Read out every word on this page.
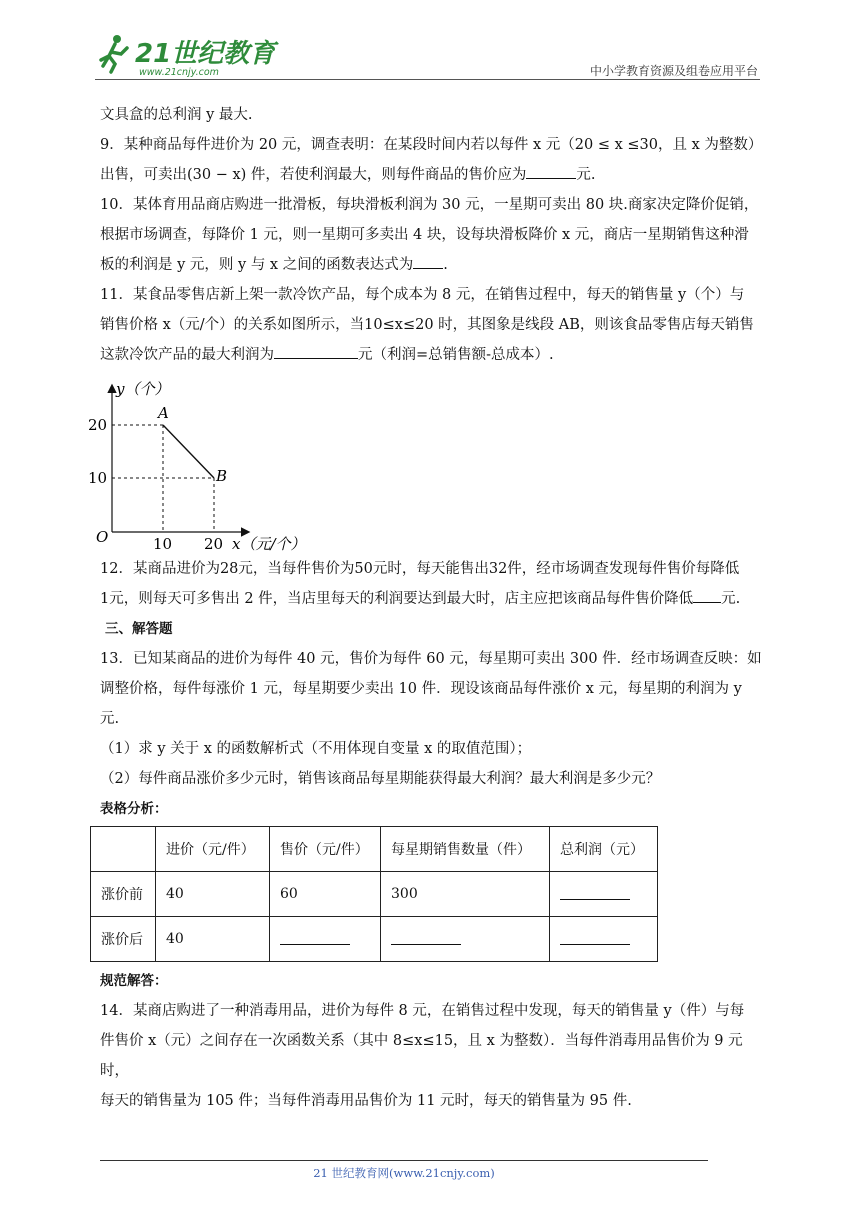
21世纪教育
www.21cnjy.com	中小学教育资源及组卷应用平台

文具盒的总利润 y 最大.

9．某种商品每件进价为 20 元，调查表明：在某段时间内若以每件 x 元（20 ≤ x ≤30，且 x 为整数）

出售，可卖出(30 − x) 件，若使利润最大，则每件商品的售价应为	元.

10．某体育用品商店购进一批滑板，每块滑板利润为 30 元，一星期可卖出 80 块.商家决定降价促销，

根据市场调查，每降价 1 元，则一星期可多卖出 4 块，设每块滑板降价 x 元，商店一星期销售这种滑

板的利润是 y 元，则 y 与 x 之间的函数表达式为 .

11．某食品零售店新上架一款冷饮产品，每个成本为 8 元，在销售过程中，每天的销售量 y（个）与

销售价格 x（元/个）的关系如图所示，当10≤x≤20 时，其图象是线段 AB，则该食品零售店每天销售

这款冷饮产品的最大利润为	元（利润=总销售额-总成本）.

y（个）
x（元/个）
O
A
B
20
10
10 20

12．某商品进价为28元，当每件售价为50元时，每天能售出32件，经市场调查发现每件售价每降低

1元，则每天可多售出 2 件，当店里每天的利润要达到最大时，店主应把该商品每件售价降低 元.

三、解答题

13．已知某商品的进价为每件 40 元，售价为每件 60 元，每星期可卖出 300 件．经市场调查反映：如

调整价格，每件每涨价 1 元，每星期要少卖出 10 件．现设该商品每件涨价 x 元，每星期的利润为 y

元.

（1）求 y 关于 x 的函数解析式（不用体现自变量 x 的取值范围）；

（2）每件商品涨价多少元时，销售该商品每星期能获得最大利润？最大利润是多少元？

表格分析：

	进价（元/件）	售价（元/件）	每星期销售数量（件）	总利润（元）
涨价前	40	60	300	
涨价后	40			

规范解答：

14．某商店购进了一种消毒用品，进价为每件 8 元，在销售过程中发现，每天的销售量 y（件）与每

件售价 x（元）之间存在一次函数关系（其中 8≤x≤15，且 x 为整数）．当每件消毒用品售价为 9 元时，

每天的销售量为 105 件；当每件消毒用品售价为 11 元时，每天的销售量为 95 件.

21 世纪教育网(www.21cnjy.com)
